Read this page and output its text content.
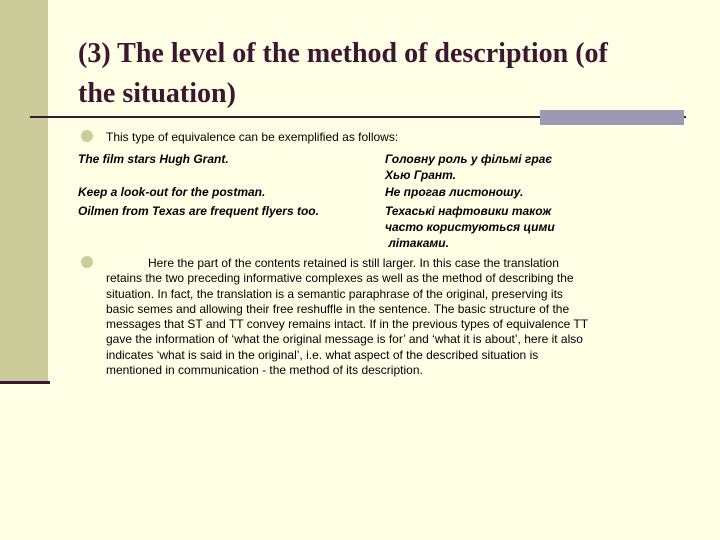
(3) The level of the method of description (of
the situation)
This type of equivalence can be exemplified as follows:
The film stars Hugh Grant.	Головну роль у фільмі грає
Хью Грант.
Keep a look-out for the postman.	Не прогав листоношу.
Oilmen from Texas are frequent flyers too.	Техаські нафтовики також
часто користуються цими
літаками.

Here the part of the contents retained is still larger. In this case the translation
retains the two preceding informative complexes as well as the method of describing the
situation. In fact, the translation is a semantic paraphrase of the original, preserving its
basic semes and allowing their free reshuffle in the sentence. The basic structure of the
messages that ST and TT convey remains intact. If in the previous types of equivalence TT
gave the information of ‘what the original message is for’ and ‘what it is about’, here it also
indicates ‘what is said in the original’, i.e. what aspect of the described situation is
mentioned in communication - the method of its description.
